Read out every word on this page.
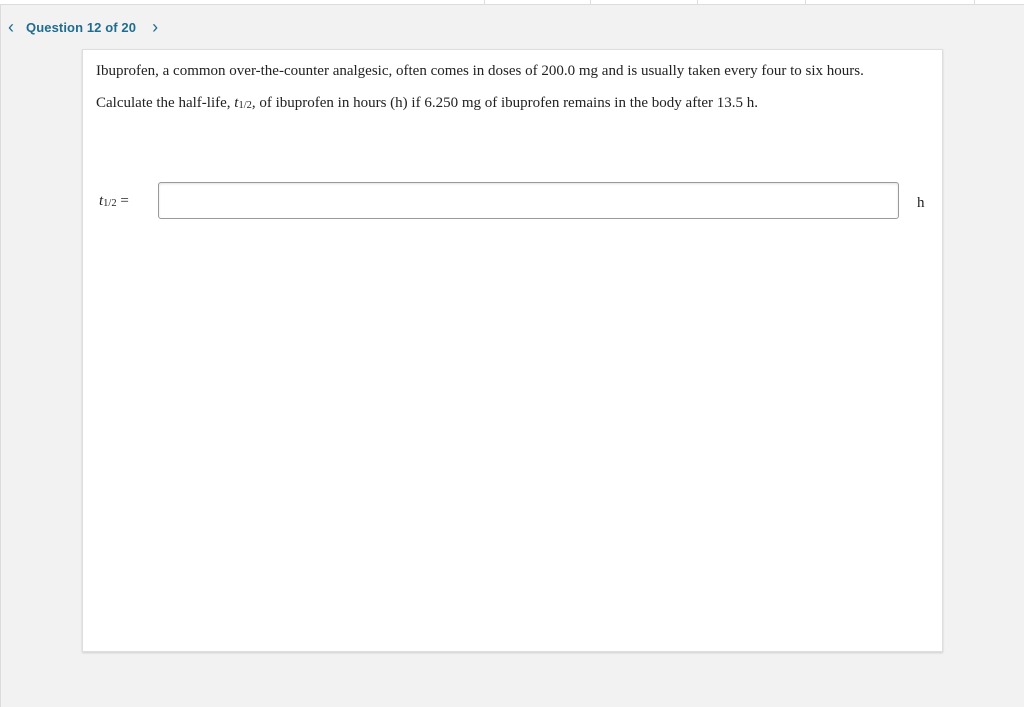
‹ Question 12 of 20 ›
Ibuprofen, a common over-the-counter analgesic, often comes in doses of 200.0 mg and is usually taken every four to six hours.
Calculate the half-life, t1/2, of ibuprofen in hours (h) if 6.250 mg of ibuprofen remains in the body after 13.5 h.
t1/2 =	h
